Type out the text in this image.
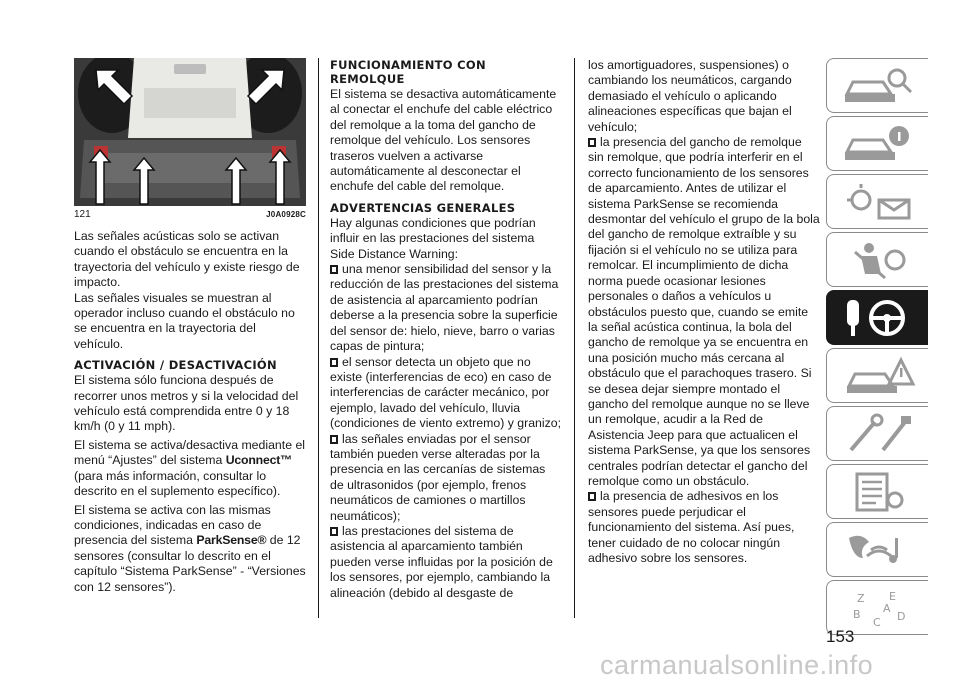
121	J0A0928C

Las señales acústicas solo se activan cuando el obstáculo se encuentra en la trayectoria del vehículo y existe riesgo de impacto.

Las señales visuales se muestran al operador incluso cuando el obstáculo no se encuentra en la trayectoria del vehículo.

ACTIVACIÓN / DESACTIVACIÓN

El sistema sólo funciona después de recorrer unos metros y si la velocidad del vehículo está comprendida entre 0 y 18 km/h (0 y 11 mph).

El sistema se activa/desactiva mediante el menú “Ajustes” del sistema Uconnect™ (para más información, consultar lo descrito en el suplemento específico).

El sistema se activa con las mismas condiciones, indicadas en caso de presencia del sistema ParkSense® de 12 sensores (consultar lo descrito en el capítulo “Sistema ParkSense” - “Versiones con 12 sensores”).

FUNCIONAMIENTO CON REMOLQUE

El sistema se desactiva automáticamente al conectar el enchufe del cable eléctrico del remolque a la toma del gancho de remolque del vehículo. Los sensores traseros vuelven a activarse automáticamente al desconectar el enchufe del cable del remolque.

ADVERTENCIAS GENERALES

Hay algunas condiciones que podrían influir en las prestaciones del sistema Side Distance Warning:

una menor sensibilidad del sensor y la reducción de las prestaciones del sistema de asistencia al aparcamiento podrían deberse a la presencia sobre la superficie del sensor de: hielo, nieve, barro o varias capas de pintura;

el sensor detecta un objeto que no existe (interferencias de eco) en caso de interferencias de carácter mecánico, por ejemplo, lavado del vehículo, lluvia (condiciones de viento extremo) y granizo;

las señales enviadas por el sensor también pueden verse alteradas por la presencia en las cercanías de sistemas de ultrasonidos (por ejemplo, frenos neumáticos de camiones o martillos neumáticos);

las prestaciones del sistema de asistencia al aparcamiento también pueden verse influidas por la posición de los sensores, por ejemplo, cambiando la alineación (debido al desgaste de

los amortiguadores, suspensiones) o cambiando los neumáticos, cargando demasiado el vehículo o aplicando alineaciones específicas que bajan el vehículo;

la presencia del gancho de remolque sin remolque, que podría interferir en el correcto funcionamiento de los sensores de aparcamiento. Antes de utilizar el sistema ParkSense se recomienda desmontar del vehículo el grupo de la bola del gancho de remolque extraíble y su fijación si el vehículo no se utiliza para remolcar. El incumplimiento de dicha norma puede ocasionar lesiones personales o daños a vehículos u obstáculos puesto que, cuando se emite la señal acústica continua, la bola del gancho de remolque ya se encuentra en una posición mucho más cercana al obstáculo que el parachoques trasero. Si se desea dejar siempre montado el gancho del remolque aunque no se lleve un remolque, acudir a la Red de Asistencia Jeep para que actualicen el sistema ParkSense, ya que los sensores centrales podrían detectar el gancho del remolque como un obstáculo.

la presencia de adhesivos en los sensores puede perjudicar el funcionamiento del sistema. Así pues, tener cuidado de no colocar ningún adhesivo sobre los sensores.

Z E
B
C D
A
153
carmanualsonline.info
